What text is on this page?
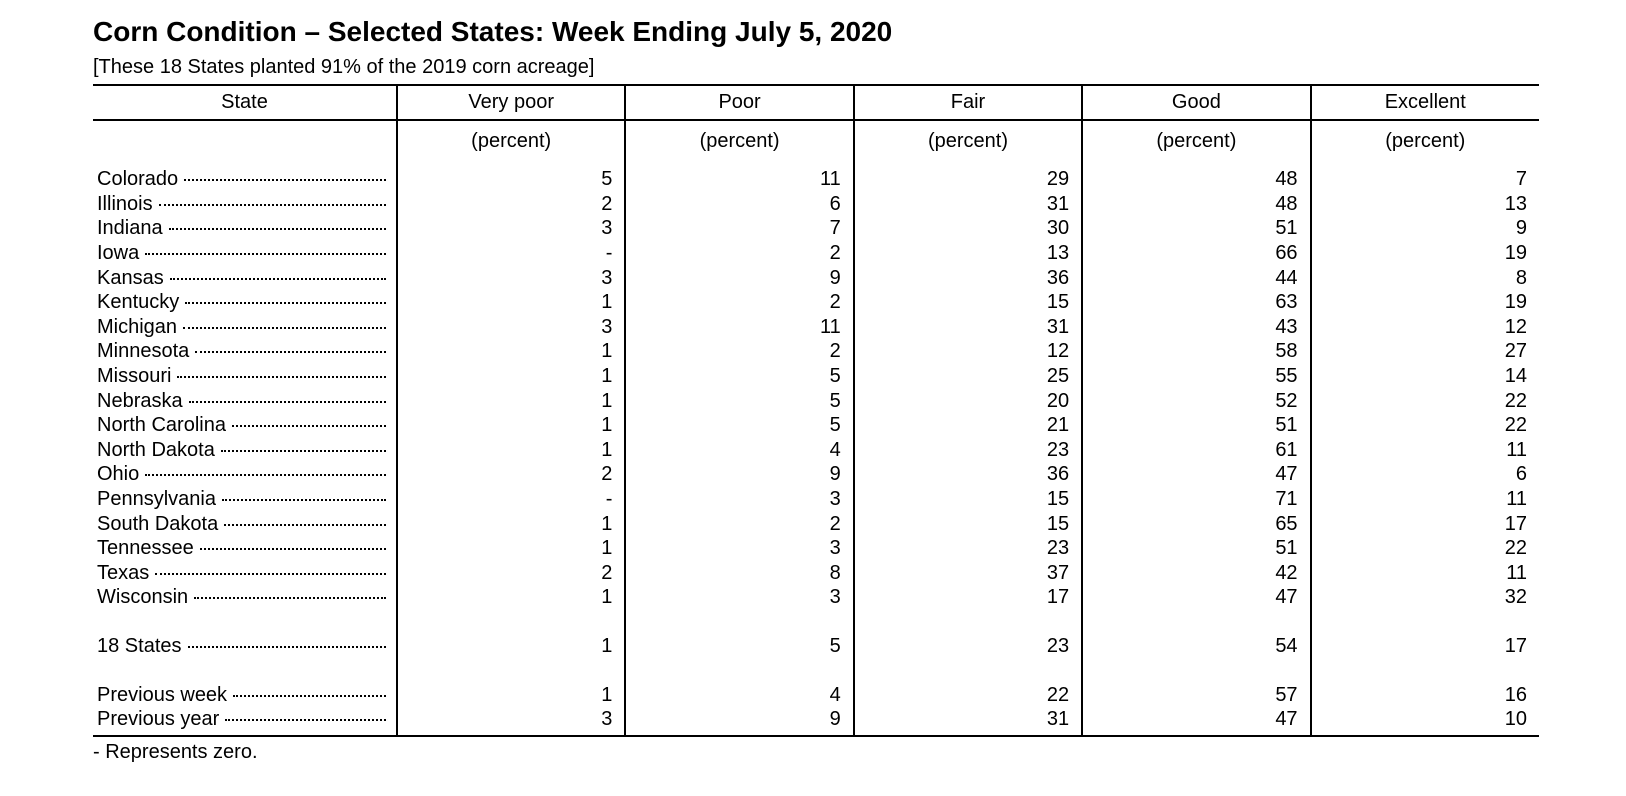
Corn Condition – Selected States: Week Ending July 5, 2020
[These 18 States planted 91% of the 2019 corn acreage]
State	Very poor	Poor	Fair	Good	Excellent
	(percent)	(percent)	(percent)	(percent)	(percent)

Colorado	5	11	29	48	7

Illinois	2	6	31	48	13

Indiana	3	7	30	51	9

Iowa	-	2	13	66	19

Kansas	3	9	36	44	8

Kentucky	1	2	15	63	19

Michigan	3	11	31	43	12

Minnesota	1	2	12	58	27

Missouri	1	5	25	55	14

Nebraska	1	5	20	52	22

North Carolina	1	5	21	51	22

North Dakota	1	4	23	61	11

Ohio	2	9	36	47	6

Pennsylvania	-	3	15	71	11

South Dakota	1	2	15	65	17

Tennessee	1	3	23	51	22

Texas	2	8	37	42	11

Wisconsin	1	3	17	47	32

18 States	1	5	23	54	17

Previous week	1	4	22	57	16

Previous year	3	9	31	47	10

- Represents zero.
